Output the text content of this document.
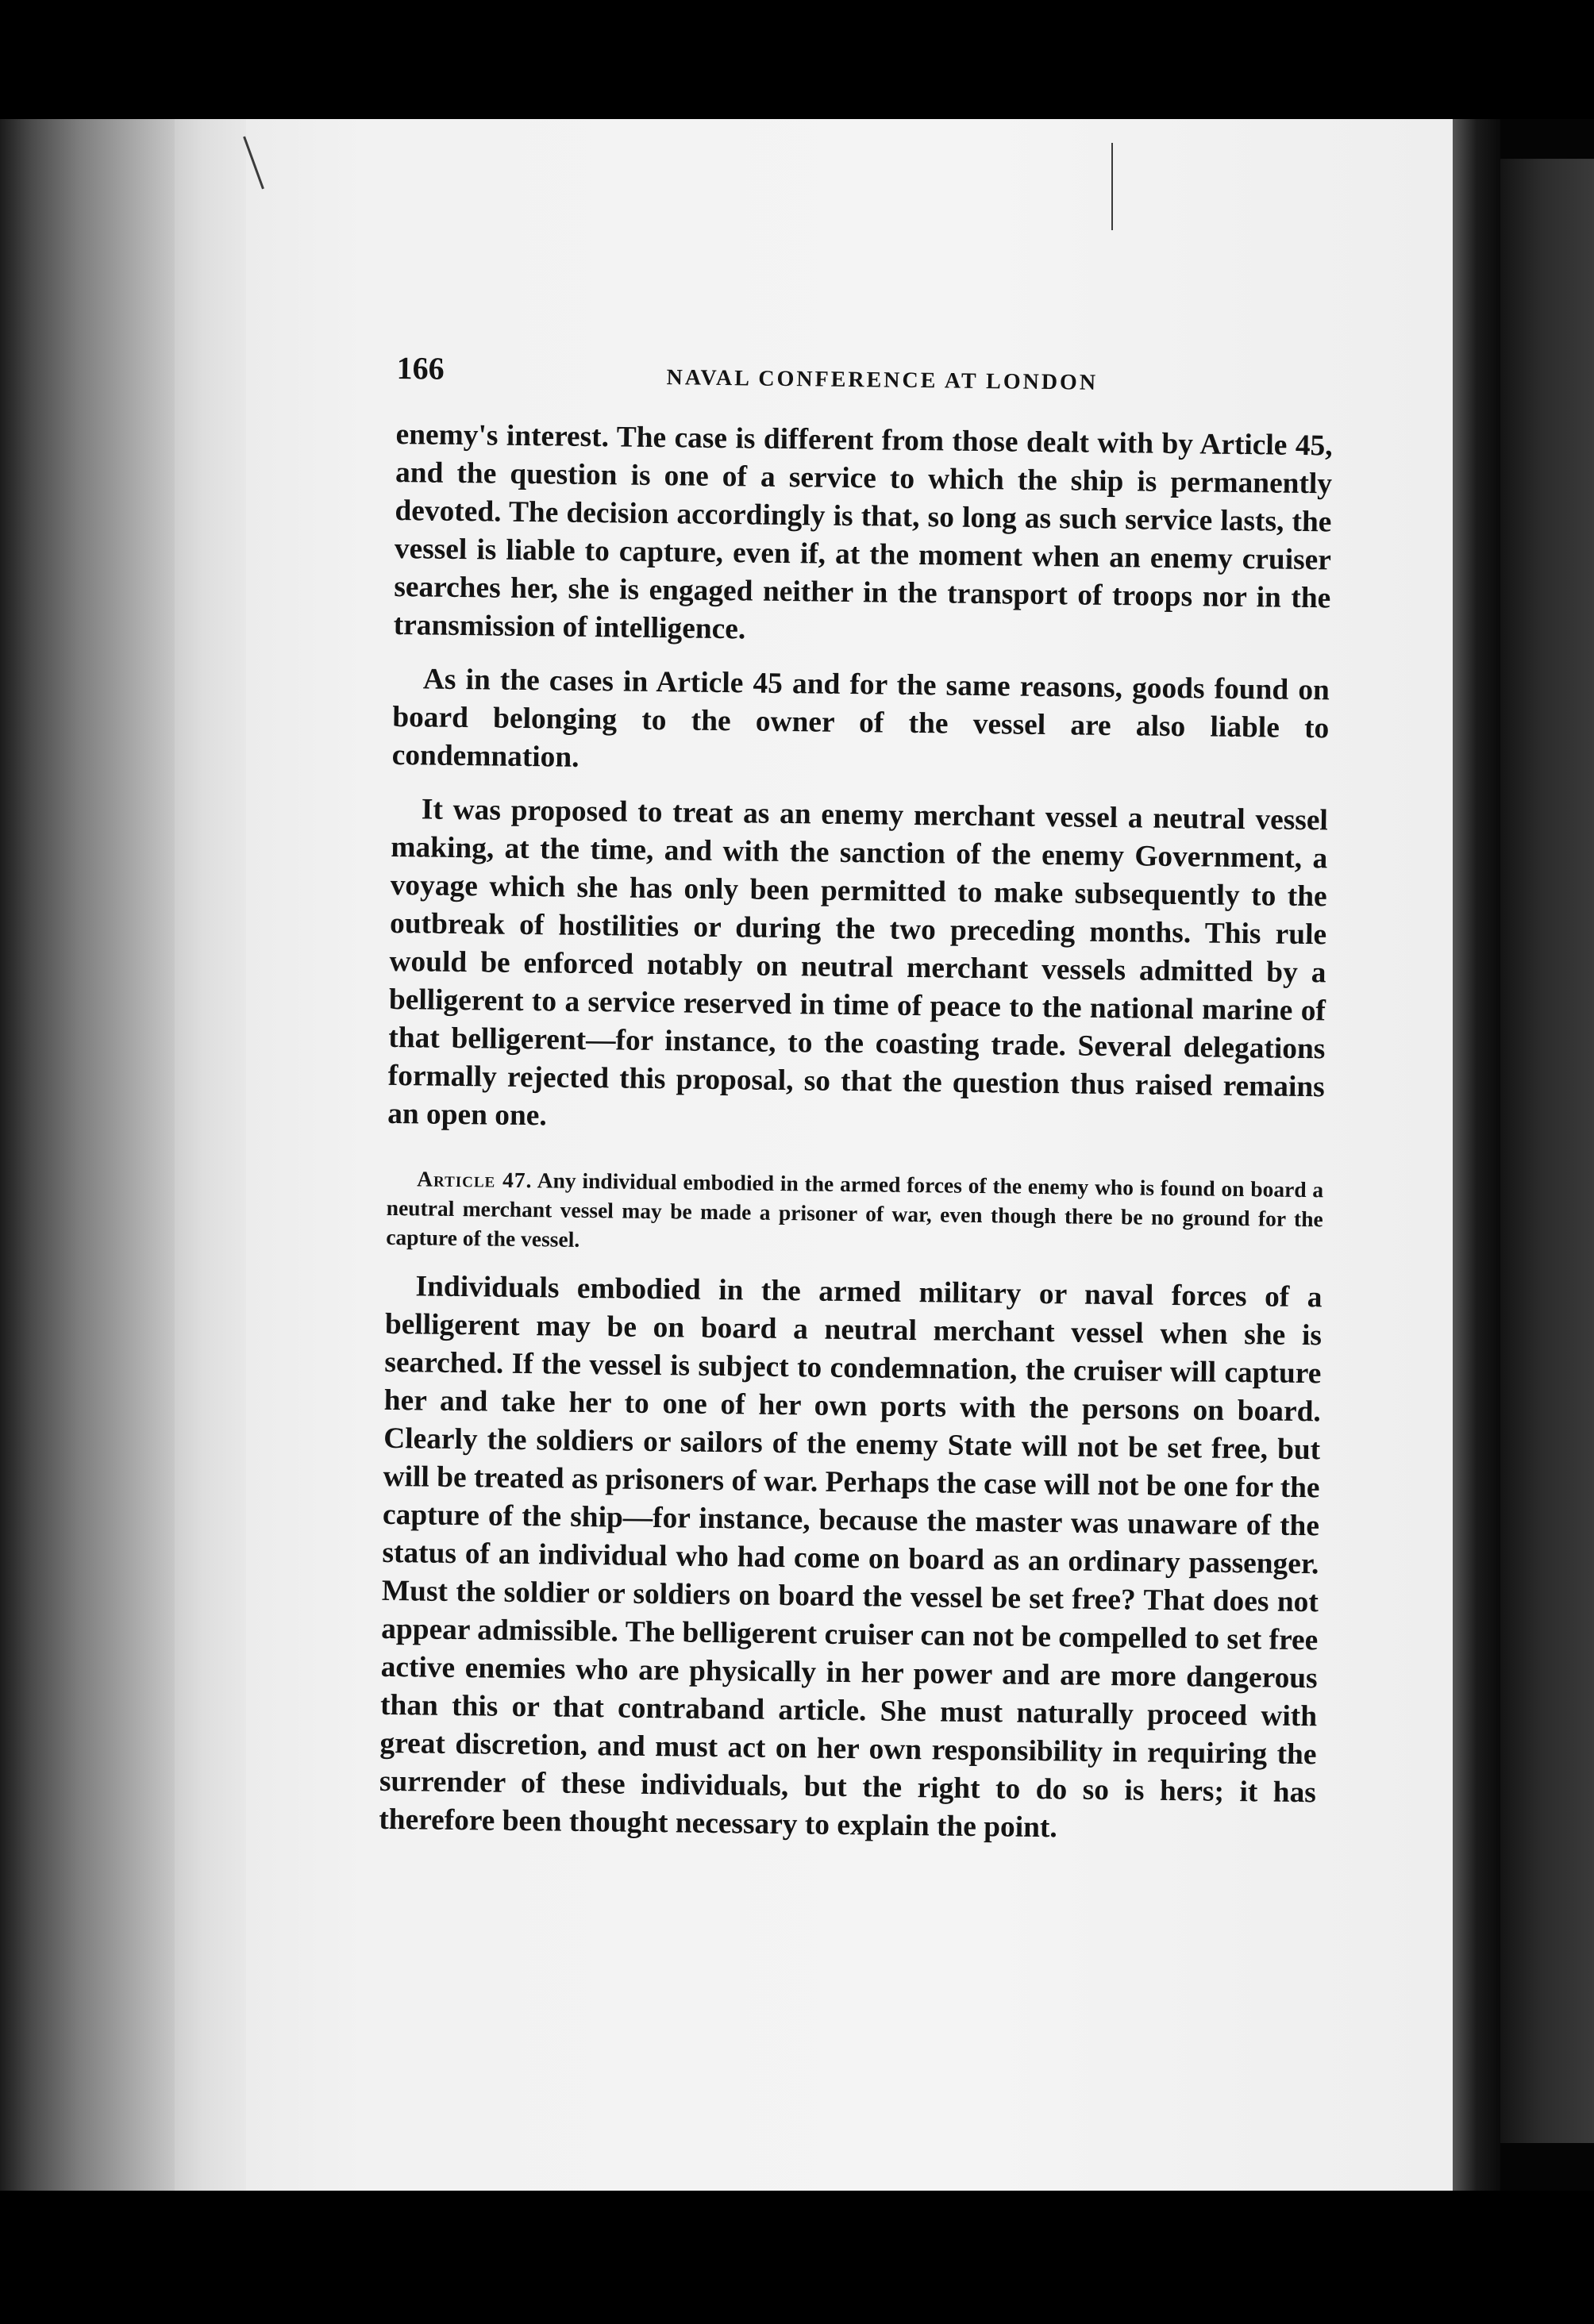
166	NAVAL CONFERENCE AT LONDON

enemy's interest. The case is different from those dealt with by Article 45, and the question is one of a service to which the ship is permanently devoted. The decision accordingly is that, so long as such service lasts, the vessel is liable to capture, even if, at the moment when an enemy cruiser searches her, she is engaged neither in the transport of troops nor in the transmission of intelligence.

As in the cases in Article 45 and for the same reasons, goods found on board belonging to the owner of the vessel are also liable to condemnation.

It was proposed to treat as an enemy merchant vessel a neutral vessel making, at the time, and with the sanction of the enemy Government, a voyage which she has only been permitted to make subsequently to the outbreak of hostilities or during the two preceding months. This rule would be enforced notably on neutral merchant vessels admitted by a belligerent to a service reserved in time of peace to the national marine of that belligerent—for instance, to the coasting trade. Several delegations formally rejected this proposal, so that the question thus raised remains an open one.

Article 47. Any individual embodied in the armed forces of the enemy who is found on board a neutral merchant vessel may be made a prisoner of war, even though there be no ground for the capture of the vessel.

Individuals embodied in the armed military or naval forces of a belligerent may be on board a neutral merchant vessel when she is searched. If the vessel is subject to condemnation, the cruiser will capture her and take her to one of her own ports with the persons on board. Clearly the soldiers or sailors of the enemy State will not be set free, but will be treated as prisoners of war. Perhaps the case will not be one for the capture of the ship—for instance, because the master was unaware of the status of an individual who had come on board as an ordinary passenger. Must the soldier or soldiers on board the vessel be set free? That does not appear admissible. The belligerent cruiser can not be compelled to set free active enemies who are physically in her power and are more dangerous than this or that contraband article. She must naturally proceed with great discretion, and must act on her own responsibility in requiring the surrender of these individuals, but the right to do so is hers; it has therefore been thought necessary to explain the point.
